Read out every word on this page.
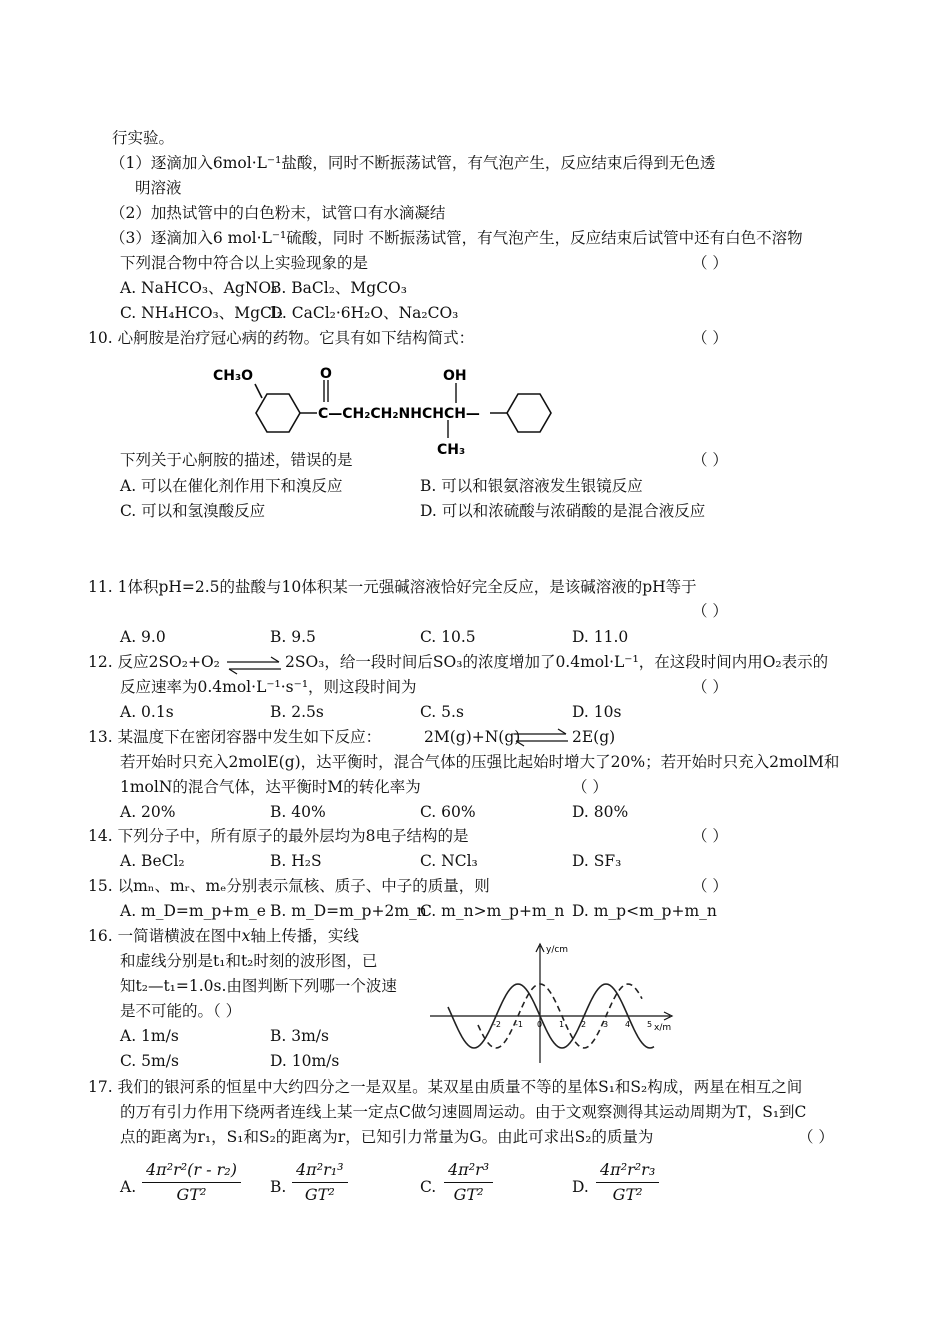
行实验。
（1）逐滴加入6mol·L⁻¹盐酸，同时不断振荡试管，有气泡产生，反应结束后得到无色透
明溶液
（2）加热试管中的白色粉末，试管口有水滴凝结
（3）逐滴加入6 mol·L⁻¹硫酸，同时 不断振荡试管，有气泡产生，反应结束后试管中还有白色不溶物
下列混合物中符合以上实验现象的是	（ ）
A. NaHCO₃、AgNO₃
B. BaCl₂、MgCO₃
C. NH₄HCO₃、MgCl₂
D. CaCl₂·6H₂O、Na₂CO₃
10. 心舸胺是治疗冠心病的药物。它具有如下结构简式：	（ ）
CH₃O	O	OH
C—CH₂CH₂NHCHCH—
CH₃
下列关于心舸胺的描述，错误的是	（ ）
A. 可以在催化剂作用下和溴反应	B. 可以和银氨溶液发生银镜反应
C. 可以和氢溴酸反应	D. 可以和浓硫酸与浓硝酸的是混合液反应
11. 1体积pH=2.5的盐酸与10体积某一元强碱溶液恰好完全反应，是该碱溶液的pH等于
（ ）
A. 9.0	B. 9.5	C. 10.5	D. 11.0
12. 反应2SO₂+O₂ ⇌ 2SO₃，给一段时间后SO₃的浓度增加了0.4mol·L⁻¹，在这段时间内用O₂表示的
反应速率为0.4mol·L⁻¹·s⁻¹，则这段时间为	（ ）
A. 0.1s	B. 2.5s	C. 5.s	D. 10s
13. 某温度下在密闭容器中发生如下反应：	2M(g)+N(g) ⇌ 2E(g)
若开始时只充入2molE(g)，达平衡时，混合气体的压强比起始时增大了20%；若开始时只充入2molM和
1molN的混合气体，达平衡时M的转化率为	（ ）
A. 20%	B. 40%	C. 60%	D. 80%
14. 下列分子中，所有原子的最外层均为8电子结构的是	（ ）
A. BeCl₂	B. H₂S	C. NCl₃	D. SF₃
15. 以mₙ、mᵣ、mₑ分别表示氚核、质子、中子的质量，则	（ ）
A. m_D=m_p+m_e B. m_D=m_p+2m_n
C. m_n>m_p+m_n D. m_p<m_p+m_n
16. 一简谐横波在图中x轴上传播，实线
和虚线分别是t₁和t₂时刻的波形图，已
知t₂—t₁=1.0s.由图判断下列哪一个波速
是不可能的。（ ）
A. 1m/s	B. 3m/s
C. 5m/s	D. 10m/s
y/cm
x/m
-2 -1 0 1 2 3 4 5
17. 我们的银河系的恒星中大约四分之一是双星。某双星由质量不等的星体S₁和S₂构成，两星在相互之间
的万有引力作用下绕两者连线上某一定点C做匀速圆周运动。由于文观察测得其运动周期为T，S₁到C
点的距离为r₁，S₁和S₂的距离为r，已知引力常量为G。由此可求出S₂的质量为	（ ）
A. $\frac{\text{4π²r²(r - r₂)}}{\text{GT²}} B$. $\frac{\text{4π²r₁³}}{\text{GT²}}$	C. $\frac{\text{4π²r³}}{\text{GT²}}$	D. $\frac{\text{4π²r²r₃}}{\text{GT²}}$
